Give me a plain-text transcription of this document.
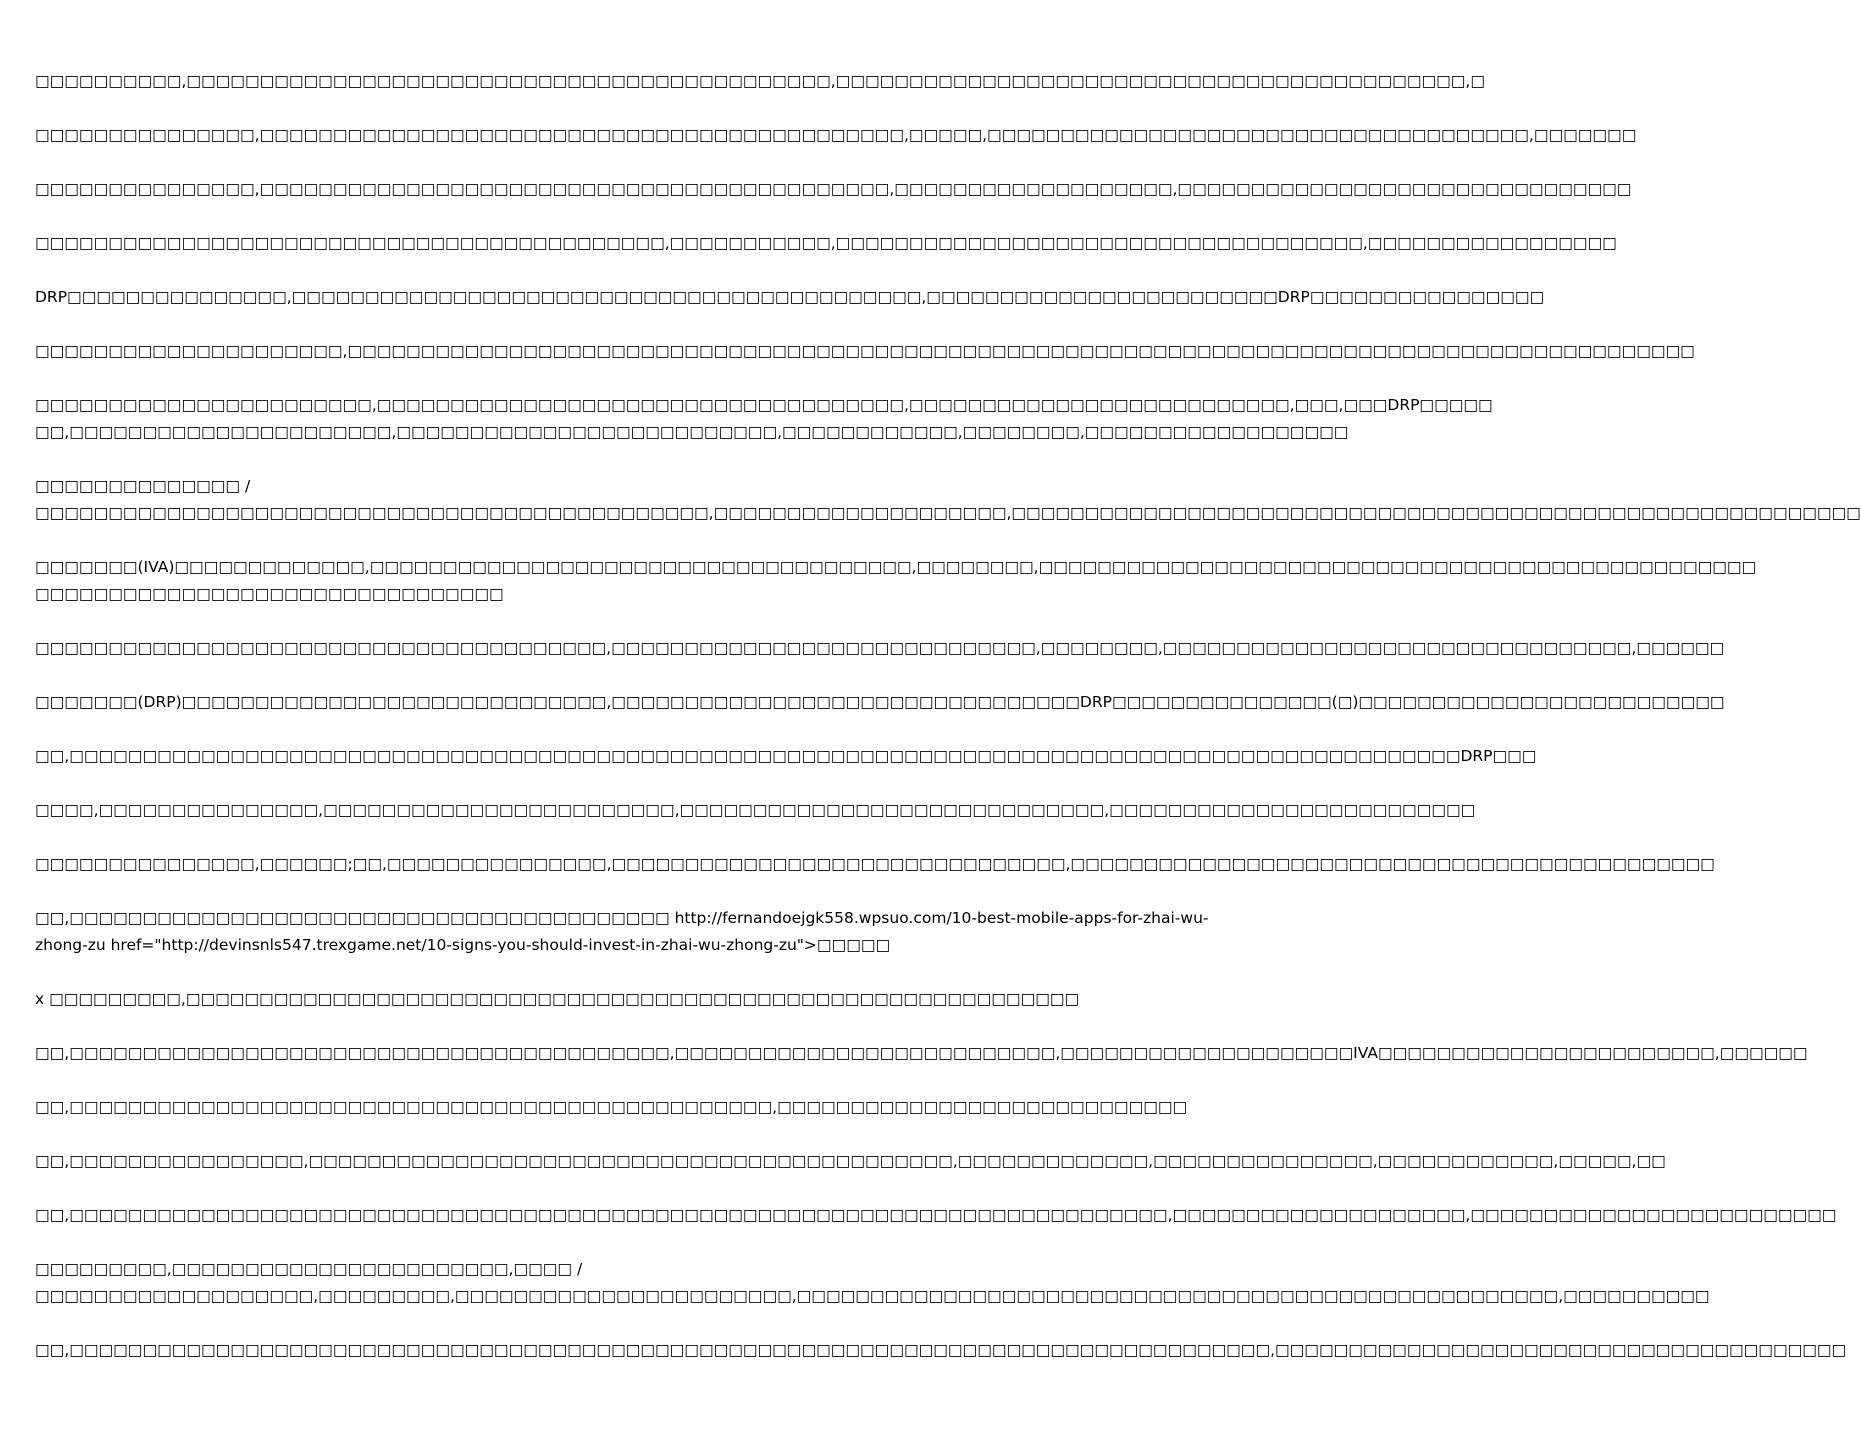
□□□□□□□□□□,□□□□□□□□□□□□□□□□□□□□□□□□□□□□□□□□□□□□□□□□□□□□,□□□□□□□□□□□□□□□□□□□□□□□□□□□□□□□□□□□□□□□□□□□,□
□□□□□□□□□□□□□□□,□□□□□□□□□□□□□□□□□□□□□□□□□□□□□□□□□□□□□□□□□□□□,□□□□□,□□□□□□□□□□□□□□□□□□□□□□□□□□□□□□□□□□□□□,□□□□□□□
□□□□□□□□□□□□□□□,□□□□□□□□□□□□□□□□□□□□□□□□□□□□□□□□□□□□□□□□□□□,□□□□□□□□□□□□□□□□□□□,□□□□□□□□□□□□□□□□□□□□□□□□□□□□□□□
□□□□□□□□□□□□□□□□□□□□□□□□□□□□□□□□□□□□□□□□□□□,□□□□□□□□□□□,□□□□□□□□□□□□□□□□□□□□□□□□□□□□□□□□□□□□,□□□□□□□□□□□□□□□□□
DRP□□□□□□□□□□□□□□□,□□□□□□□□□□□□□□□□□□□□□□□□□□□□□□□□□□□□□□□□□□□,□□□□□□□□□□□□□□□□□□□□□□□□DRP□□□□□□□□□□□□□□□□
□□□□□□□□□□□□□□□□□□□□□,□□□□□□□□□□□□□□□□□□□□□□□□□□□□□□□□□□□□□□□□□□□□□□□□□□□□□□□□□□□□□□□□□□□□□□□□□□□□□□□□□□□□□□□□□□□□
□□□□□□□□□□□□□□□□□□□□□□□,□□□□□□□□□□□□□□□□□□□□□□□□□□□□□□□□□□□□,□□□□□□□□□□□□□□□□□□□□□□□□□□,□□□,□□□DRP□□□□□
□□,□□□□□□□□□□□□□□□□□□□□□□,□□□□□□□□□□□□□□□□□□□□□□□□□□,□□□□□□□□□□□□,□□□□□□□□,□□□□□□□□□□□□□□□□□□
□□□□□□□□□□□□□□ /
□□□□□□□□□□□□□□□□□□□□□□□□□□□□□□□□□□□□□□□□□□□□□□,□□□□□□□□□□□□□□□□□□□□,□□□□□□□□□□□□□□□□□□□□□□□□□□□□□□□□□□□□□□□□□□□□□□□□□□□□□□□□□□
□□□□□□□(IVA)□□□□□□□□□□□□□,□□□□□□□□□□□□□□□□□□□□□□□□□□□□□□□□□□□□□,□□□□□□□□,□□□□□□□□□□□□□□□□□□□□□□□□□□□□□□□□□□□□□□□□□□□□□□□□□
□□□□□□□□□□□□□□□□□□□□□□□□□□□□□□□□
□□□□□□□□□□□□□□□□□□□□□□□□□□□□□□□□□□□□□□□,□□□□□□□□□□□□□□□□□□□□□□□□□□□□□,□□□□□□□□,□□□□□□□□□□□□□□□□□□□□□□□□□□□□□□□□,□□□□□□
□□□□□□□(DRP)□□□□□□□□□□□□□□□□□□□□□□□□□□□□□,□□□□□□□□□□□□□□□□□□□□□□□□□□□□□□□□DRP□□□□□□□□□□□□□□□(□)□□□□□□□□□□□□□□□□□□□□□□□□□
□□,□□□□□□□□□□□□□□□□□□□□□□□□□□□□□□□□□□□□□□□□□□□□□□□□□□□□□□□□□□□□□□□□□□□□□□□□□□□□□□□□□□□□□□□□□□□□□□□DRP□□□
□□□□,□□□□□□□□□□□□□□□,□□□□□□□□□□□□□□□□□□□□□□□□,□□□□□□□□□□□□□□□□□□□□□□□□□□□□□,□□□□□□□□□□□□□□□□□□□□□□□□□
□□□□□□□□□□□□□□□,□□□□□□;□□,□□□□□□□□□□□□□□□,□□□□□□□□□□□□□□□□□□□□□□□□□□□□□□□,□□□□□□□□□□□□□□□□□□□□□□□□□□□□□□□□□□□□□□□□□□□□
□□,□□□□□□□□□□□□□□□□□□□□□□□□□□□□□□□□□□□□□□□□□ http://fernandoejgk558.wpsuo.com/10-best-mobile-apps-for-zhai-wu-
zhong-zu href="http://devinsnls547.trexgame.net/10-signs-you-should-invest-in-zhai-wu-zhong-zu">□□□□□
x □□□□□□□□□,□□□□□□□□□□□□□□□□□□□□□□□□□□□□□□□□□□□□□□□□□□□□□□□□□□□□□□□□□□□□□
□□,□□□□□□□□□□□□□□□□□□□□□□□□□□□□□□□□□□□□□□□□□,□□□□□□□□□□□□□□□□□□□□□□□□□□,□□□□□□□□□□□□□□□□□□□□IVA□□□□□□□□□□□□□□□□□□□□□□□,□□□□□□
□□,□□□□□□□□□□□□□□□□□□□□□□□□□□□□□□□□□□□□□□□□□□□□□□□□,□□□□□□□□□□□□□□□□□□□□□□□□□□□□
□□,□□□□□□□□□□□□□□□□,□□□□□□□□□□□□□□□□□□□□□□□□□□□□□□□□□□□□□□□□□□□□,□□□□□□□□□□□□□,□□□□□□□□□□□□□□□,□□□□□□□□□□□□,□□□□□,□□
□□,□□□□□□□□□□□□□□□□□□□□□□□□□□□□□□□□□□□□□□□□□□□□□□□□□□□□□□□□□□□□□□□□□□□□□□□□□□□,□□□□□□□□□□□□□□□□□□□□,□□□□□□□□□□□□□□□□□□□□□□□□□
□□□□□□□□□,□□□□□□□□□□□□□□□□□□□□□□□,□□□□ /
□□□□□□□□□□□□□□□□□□□,□□□□□□□□□,□□□□□□□□□□□□□□□□□□□□□□□,□□□□□□□□□□□□□□□□□□□□□□□□□□□□□□□□□□□□□□□□□□□□□□□□□□□□,□□□□□□□□□□
□□,□□□□□□□□□□□□□□□□□□□□□□□□□□□□□□□□□□□□□□□□□□□□□□□□□□□□□□□□□□□□□□□□□□□□□□□□□□□□□□□□□□,□□□□□□□□□□□□□□□□□□□□□□□□□□□□□□□□□□□□□□□
